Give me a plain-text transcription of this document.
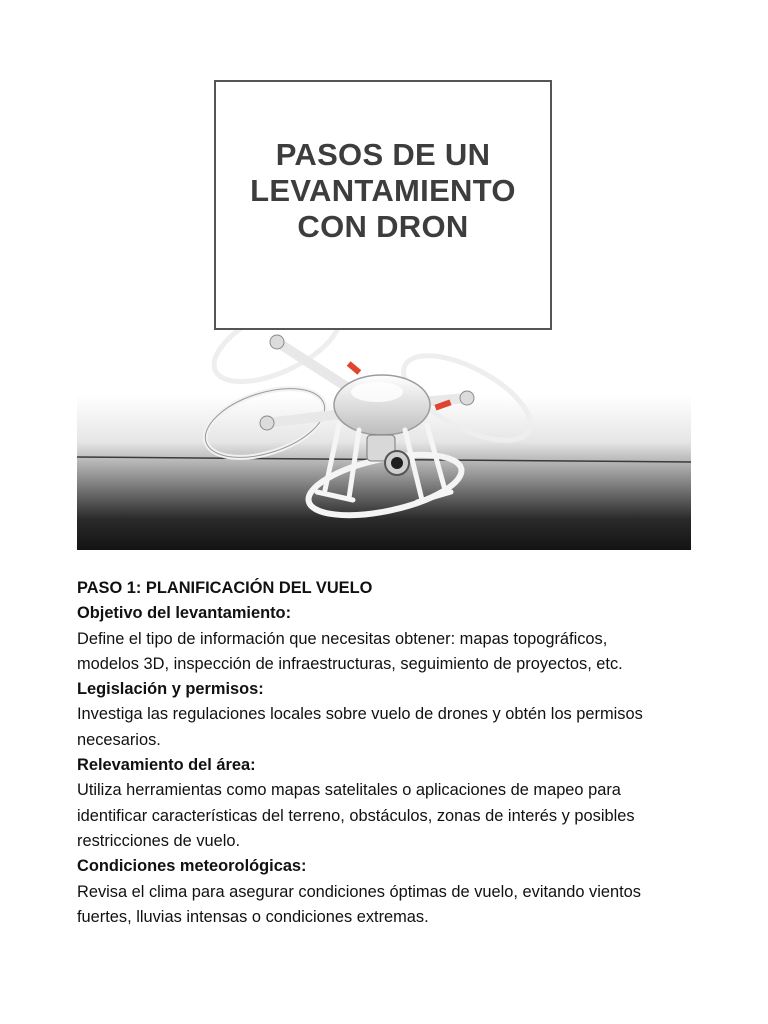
PASOS DE UN
LEVANTAMIENTO
CON DRON

PASO 1: PLANIFICACIÓN DEL VUELO

Objetivo del levantamiento:

Define el tipo de información que necesitas obtener: mapas topográficos,

modelos 3D, inspección de infraestructuras, seguimiento de proyectos, etc.

Legislación y permisos:

Investiga las regulaciones locales sobre vuelo de drones y obtén los permisos

necesarios.

Relevamiento del área:

Utiliza herramientas como mapas satelitales o aplicaciones de mapeo para

identificar características del terreno, obstáculos, zonas de interés y posibles

restricciones de vuelo.

Condiciones meteorológicas:

Revisa el clima para asegurar condiciones óptimas de vuelo, evitando vientos

fuertes, lluvias intensas o condiciones extremas.
